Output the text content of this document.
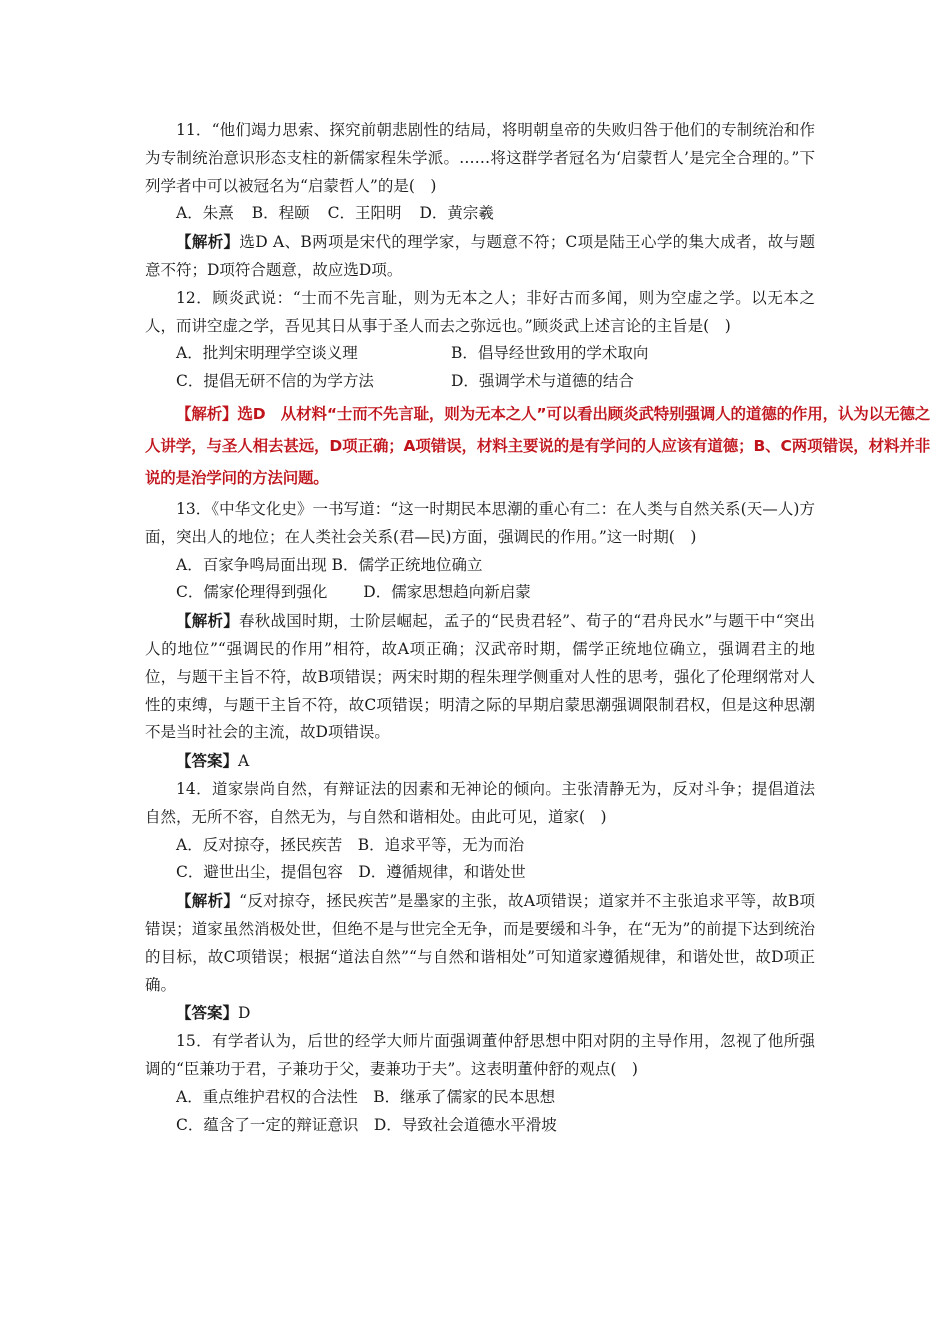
11．“他们竭力思索、探究前朝悲剧性的结局，将明朝皇帝的失败归咎于他们的专制统治和作为专制统治意识形态支柱的新儒家程朱学派。……将这群学者冠名为‘启蒙哲人’是完全合理的。”下列学者中可以被冠名为“启蒙哲人”的是(　)

A．朱熹 B．程颐 C．王阳明 D．黄宗羲

【解析】选D A、B两项是宋代的理学家，与题意不符；C项是陆王心学的集大成者，故与题意不符；D项符合题意，故应选D项。

12．顾炎武说：“士而不先言耻，则为无本之人；非好古而多闻，则为空虚之学。以无本之人，而讲空虚之学，吾见其日从事于圣人而去之弥远也。”顾炎武上述言论的主旨是(　)

A．批判宋明理学空谈义理	B．倡导经世致用的学术取向
C．提倡无研不信的为学方法	D．强调学术与道德的结合

【解析】选D　从材料“士而不先言耻，则为无本之人”可以看出顾炎武特别强调人的道德的作用，认为以无德之人讲学，与圣人相去甚远，D项正确；A项错误，材料主要说的是有学问的人应该有道德；B、C两项错误，材料并非说的是治学问的方法问题。

13．《中华文化史》一书写道：“这一时期民本思潮的重心有二：在人类与自然关系(天—人)方面，突出人的地位；在人类社会关系(君—民)方面，强调民的作用。”这一时期(　)

A．百家争鸣局面出现 B．儒学正统地位确立

C．儒家伦理得到强化　　 D．儒家思想趋向新启蒙

【解析】春秋战国时期，士阶层崛起，孟子的“民贵君轻”、荀子的“君舟民水”与题干中“突出人的地位”“强调民的作用”相符，故A项正确；汉武帝时期，儒学正统地位确立，强调君主的地位，与题干主旨不符，故B项错误；两宋时期的程朱理学侧重对人性的思考，强化了伦理纲常对人性的束缚，与题干主旨不符，故C项错误；明清之际的早期启蒙思潮强调限制君权，但是这种思潮不是当时社会的主流，故D项错误。

【答案】A

14．道家崇尚自然，有辩证法的因素和无神论的倾向。主张清静无为，反对斗争；提倡道法自然，无所不容，自然无为，与自然和谐相处。由此可见，道家(　)

A．反对掠夺，拯民疾苦　B．追求平等，无为而治

C．避世出尘，提倡包容　D．遵循规律，和谐处世

【解析】“反对掠夺，拯民疾苦”是墨家的主张，故A项错误；道家并不主张追求平等，故B项错误；道家虽然消极处世，但绝不是与世完全无争，而是要缓和斗争，在“无为”的前提下达到统治的目标，故C项错误；根据“道法自然”“与自然和谐相处”可知道家遵循规律，和谐处世，故D项正确。

【答案】D

15．有学者认为，后世的经学大师片面强调董仲舒思想中阳对阴的主导作用，忽视了他所强调的“臣兼功于君，子兼功于父，妻兼功于夫”。这表明董仲舒的观点(　)

A．重点维护君权的合法性　B．继承了儒家的民本思想

C．蕴含了一定的辩证意识　D．导致社会道德水平滑坡
